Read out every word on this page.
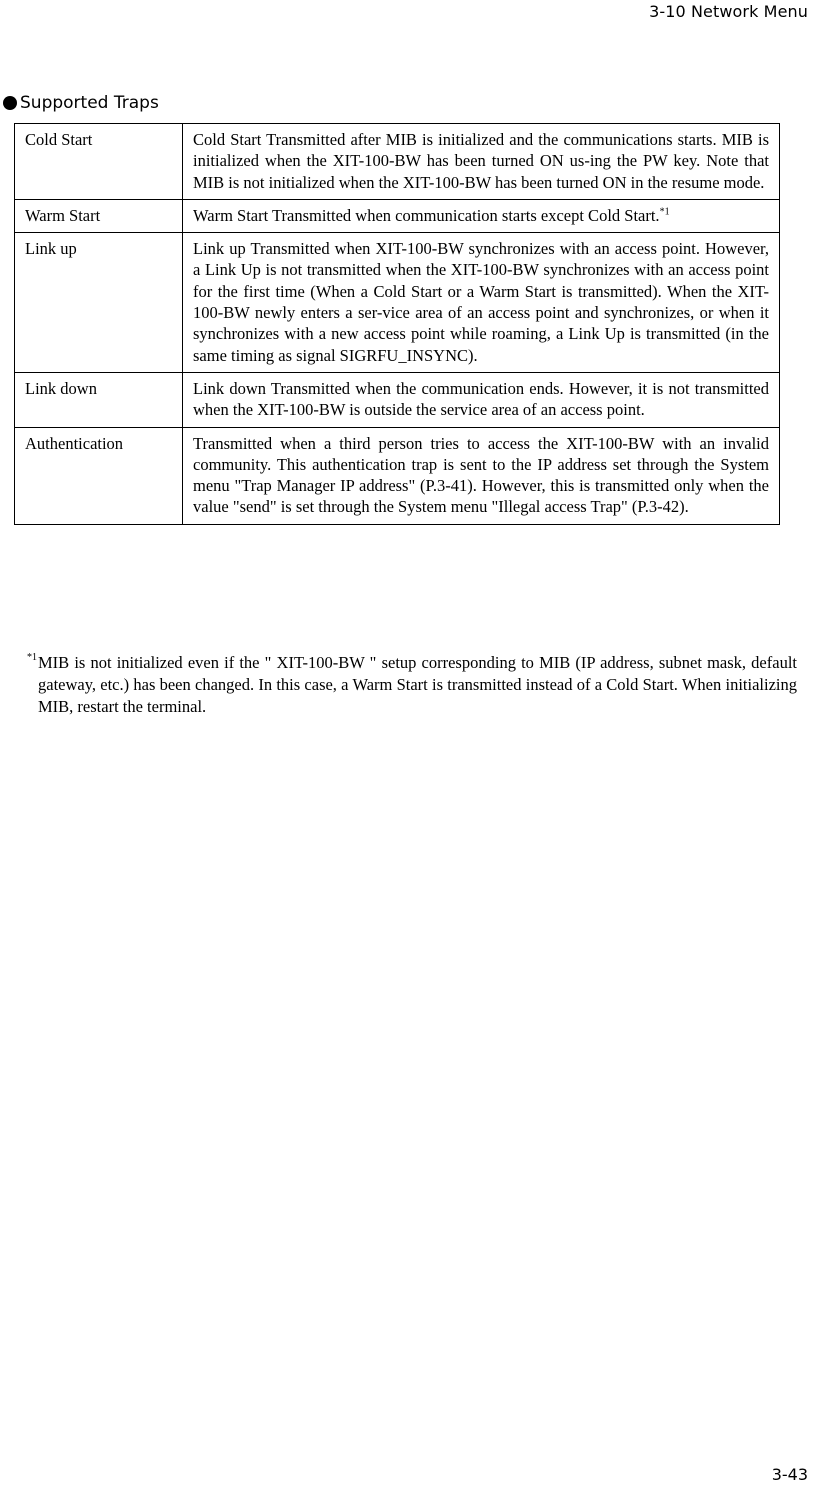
3-10 Network Menu
Supported Traps
Cold Start	Cold Start Transmitted after MIB is initialized and the communications starts. MIB is initialized when the XIT-100-BW has been turned ON us-ing the PW key. Note that MIB is not initialized when the XIT-100-BW has been turned ON in the resume mode.
Warm Start	Warm Start Transmitted when communication starts except Cold Start.$^{*1}$
Link up	Link up Transmitted when XIT-100-BW synchronizes with an access point. However, a Link Up is not transmitted when the XIT-100-BW synchronizes with an access point for the first time (When a Cold Start or a Warm Start is transmitted). When the XIT-100-BW newly enters a ser-vice area of an access point and synchronizes, or when it synchronizes with a new access point while roaming, a Link Up is transmitted (in the same timing as signal SIGRFU_INSYNC).
Link down	Link down Transmitted when the communication ends. However, it is not transmitted when the XIT-100-BW is outside the service area of an access point.
Authentication	Transmitted when a third person tries to access the XIT-100-BW with an invalid community. This authentication trap is sent to the IP address set through the System menu "Trap Manager IP address" (P.3-41). However, this is transmitted only when the value "send" is set through the System menu "Illegal access Trap" (P.3-42).
*1 MIB is not initialized even if the " XIT-100-BW " setup corresponding to MIB (IP address, subnet mask, default gateway, etc.) has been changed. In this case, a Warm Start is transmitted instead of a Cold Start. When initializing MIB, restart the terminal.
3-43
